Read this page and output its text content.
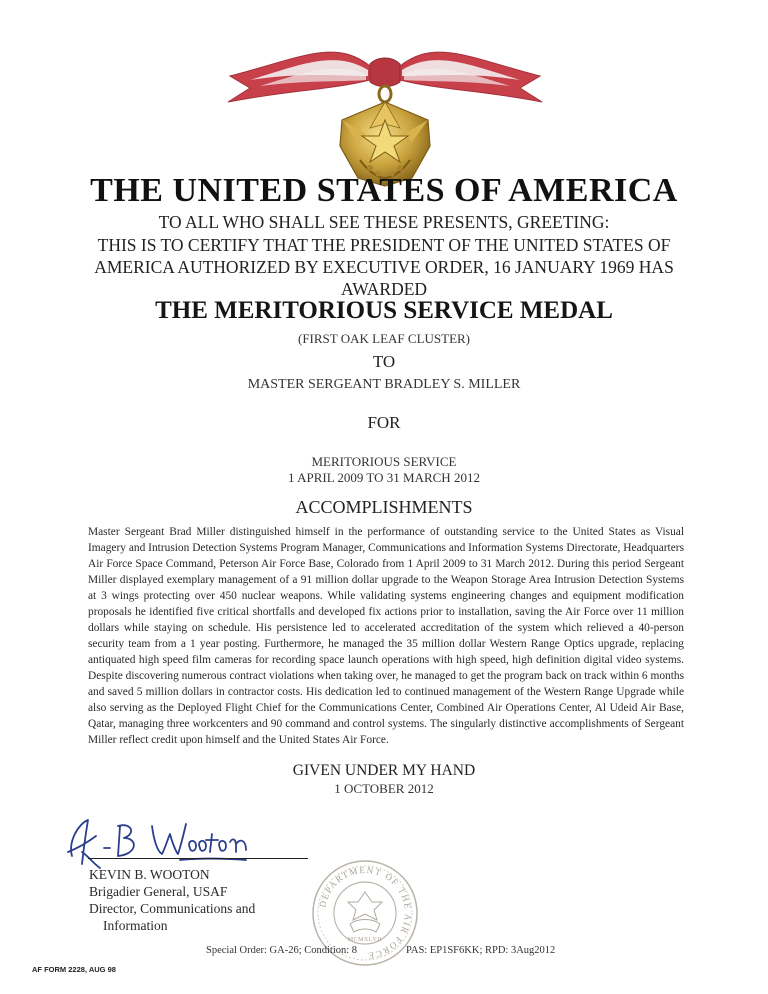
THE UNITED STATES OF AMERICA
TO ALL WHO SHALL SEE THESE PRESENTS, GREETING:
THIS IS TO CERTIFY THAT THE PRESIDENT OF THE UNITED STATES OF AMERICA AUTHORIZED BY EXECUTIVE ORDER, 16 JANUARY 1969 HAS AWARDED
THE MERITORIOUS SERVICE MEDAL
(FIRST OAK LEAF CLUSTER)
TO
MASTER SERGEANT BRADLEY S. MILLER
FOR
MERITORIOUS SERVICE
1 APRIL 2009 TO 31 MARCH 2012
ACCOMPLISHMENTS

Master Sergeant Brad Miller distinguished himself in the performance of outstanding service to the United States as Visual Imagery and Intrusion Detection Systems Program Manager, Communications and Information Systems Directorate, Headquarters Air Force Space Command, Peterson Air Force Base, Colorado from 1 April 2009 to 31 March 2012. During this period Sergeant Miller displayed exemplary management of a 91 million dollar upgrade to the Weapon Storage Area Intrusion Detection Systems at 3 wings protecting over 450 nuclear weapons. While validating systems engineering changes and equipment modification proposals he identified five critical shortfalls and developed fix actions prior to installation, saving the Air Force over 11 million dollars while staying on schedule. His persistence led to accelerated accreditation of the system which relieved a 40-person security team from a 1 year posting. Furthermore, he managed the 35 million dollar Western Range Optics upgrade, replacing antiquated high speed film cameras for recording space launch operations with high speed, high definition digital video systems. Despite discovering numerous contract violations when taking over, he managed to get the program back on track within 6 months and saved 5 million dollars in contractor costs. His dedication led to continued management of the Western Range Upgrade while also serving as the Deployed Flight Chief for the Communications Center, Combined Air Operations Center, Al Udeid Air Base, Qatar, managing three workcenters and 90 command and control systems. The singularly distinctive accomplishments of Sergeant Miller reflect credit upon himself and the United States Air Force.

GIVEN UNDER MY HAND
1 OCTOBER 2012
KEVIN B. WOOTON
Brigadier General, USAF
Director, Communications and
Information
DEPARTMENT OF THE AIR FORCE
MCMXLVII
Special Order: GA-26; Condition: 8	PAS: EP1SF6KK; RPD: 3Aug2012
AF FORM 2228, AUG 98
